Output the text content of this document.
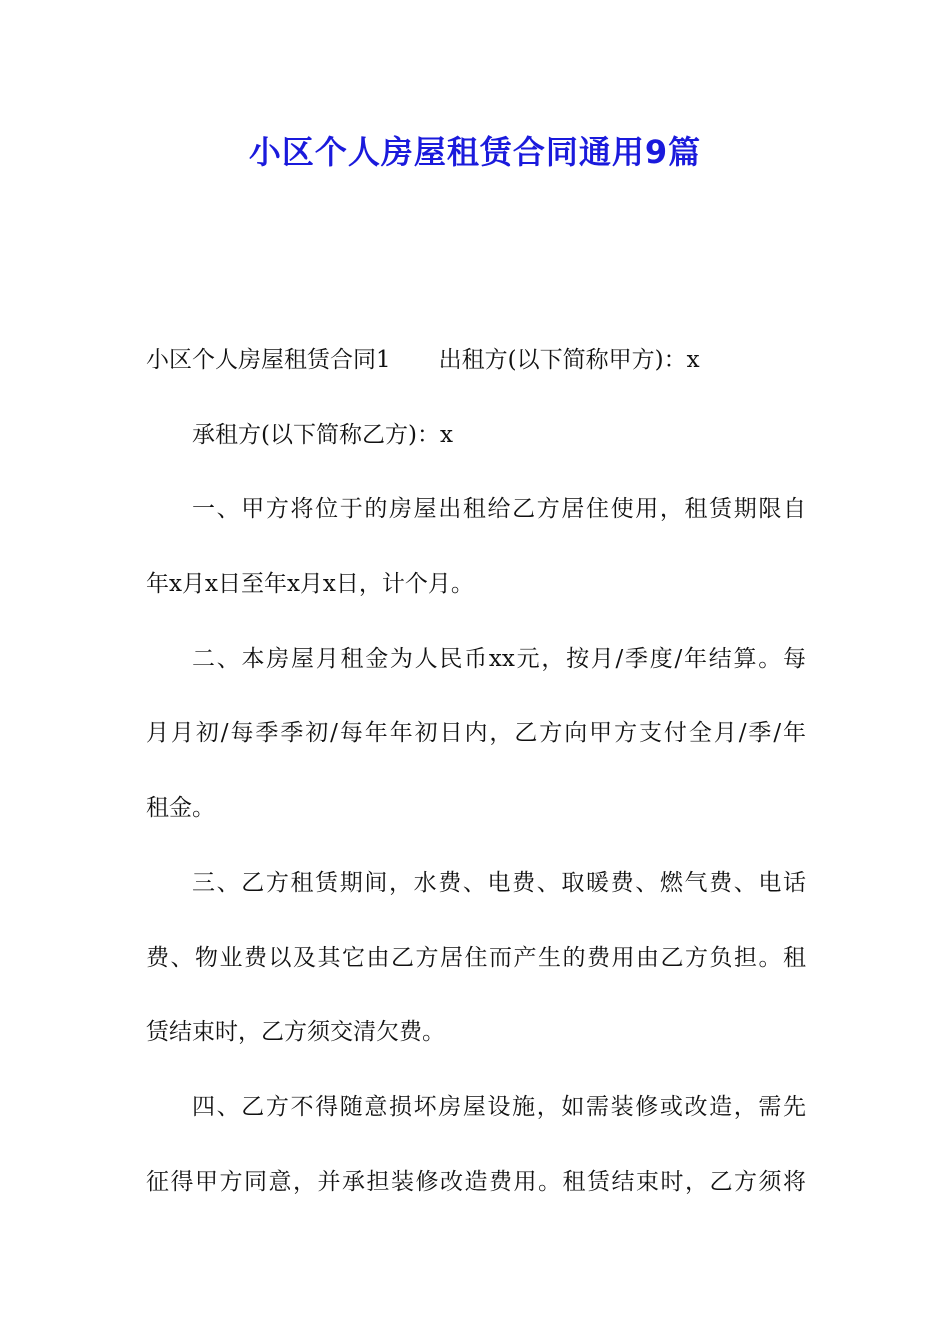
小区个人房屋租赁合同通用9篇
小区个人房屋租赁合同1 出租方(以下简称甲方)：x
承租方(以下简称乙方)：x
一、甲方将位于的房屋出租给乙方居住使用，租赁期限自
年x月x日至年x月x日，计个月。
二、本房屋月租金为人民币xx元，按月/季度/年结算。每
月月初/每季季初/每年年初日内，乙方向甲方支付全月/季/年
租金。
三、乙方租赁期间，水费、电费、取暖费、燃气费、电话
费、物业费以及其它由乙方居住而产生的费用由乙方负担。租
赁结束时，乙方须交清欠费。
四、乙方不得随意损坏房屋设施，如需装修或改造，需先
征得甲方同意，并承担装修改造费用。租赁结束时，乙方须将
